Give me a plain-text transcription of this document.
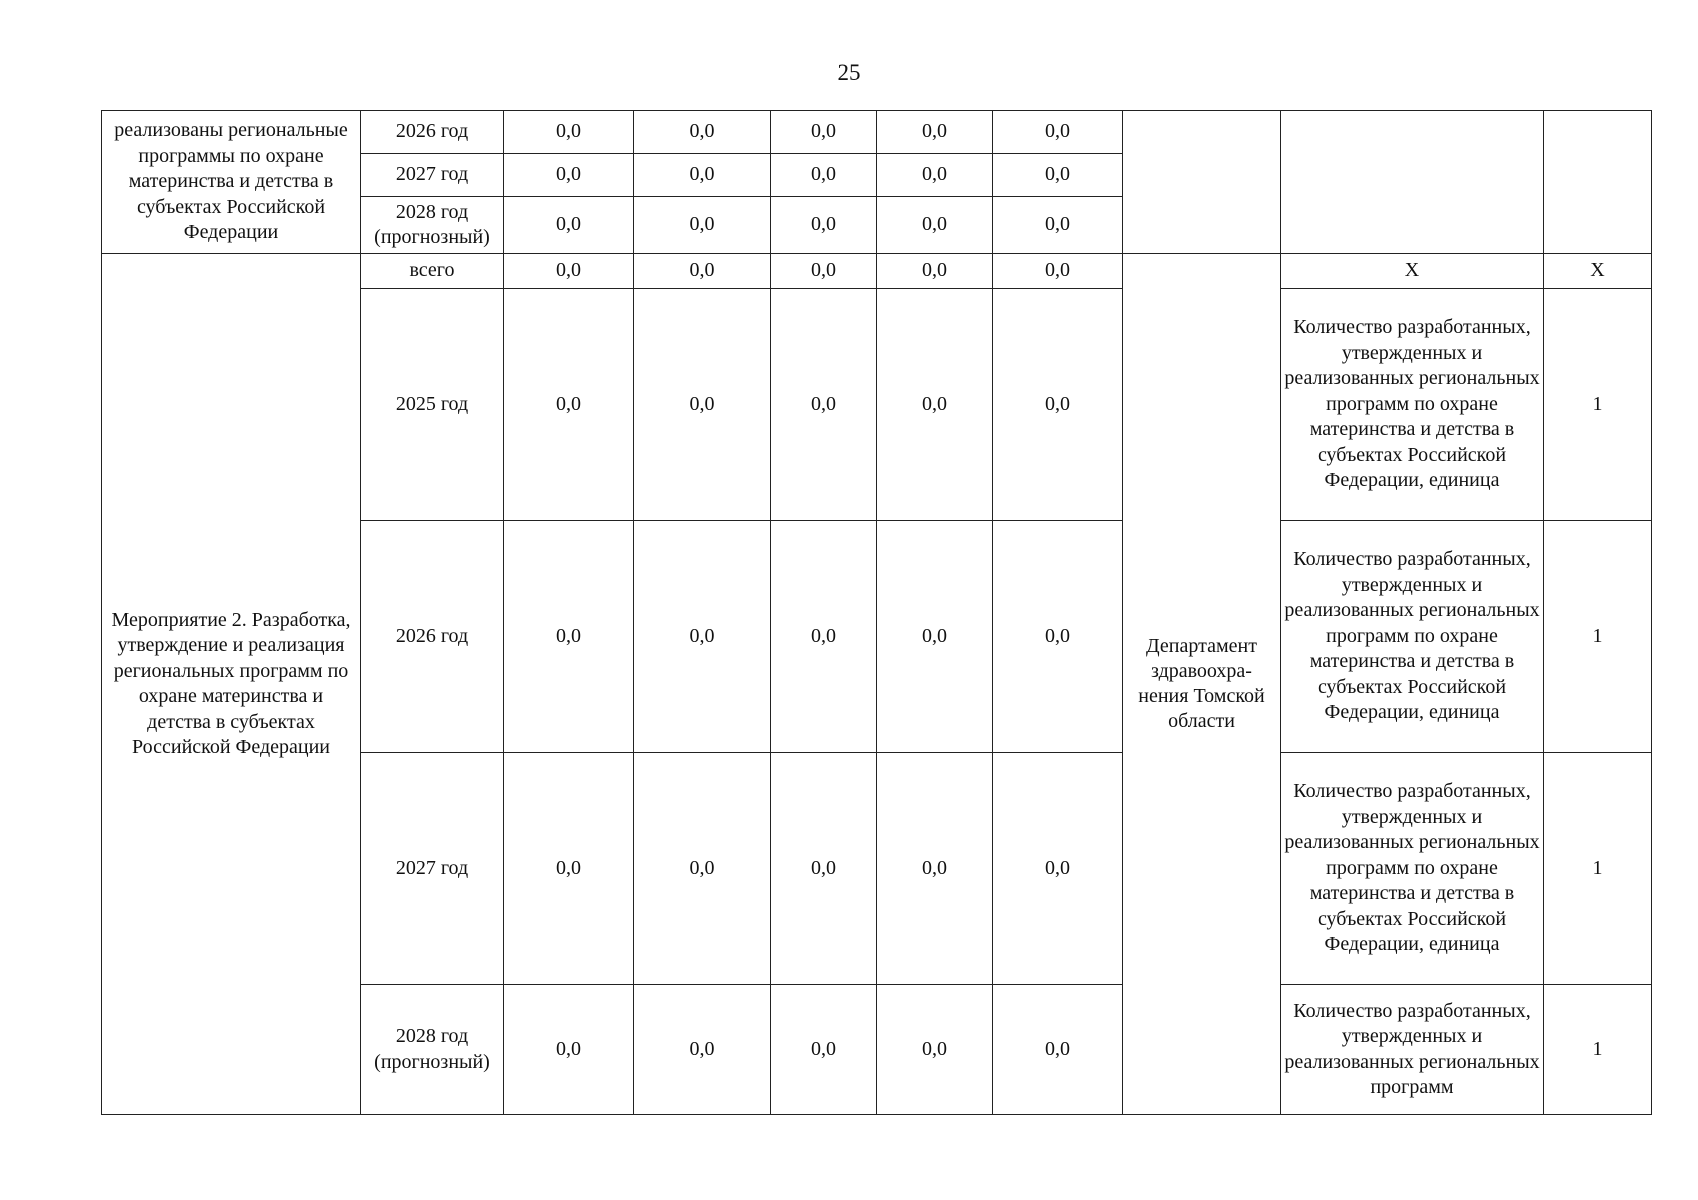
25
реализованы региональные программы по охране материнства и детства в субъектах Российской Федерации	2026 год	0,0	0,0	0,0	0,0	0,0			
	2027 год	0,0	0,0	0,0	0,0	0,0			
	2028 год (прогнозный)	0,0	0,0	0,0	0,0	0,0			
Мероприятие 2. Разработка, утверждение и реализация региональных программ по охране материнства и детства в субъектах Российской Федерации	всего	0,0	0,0	0,0	0,0	0,0	Департамент здравоохра-нения Томской области	Х	Х
	2025 год	0,0	0,0	0,0	0,0	0,0		Количество разработанных, утвержденных и реализованных региональных программ по охране материнства и детства в субъектах Российской Федерации, единица	1
	2026 год	0,0	0,0	0,0	0,0	0,0		Количество разработанных, утвержденных и реализованных региональных программ по охране материнства и детства в субъектах Российской Федерации, единица	1
	2027 год	0,0	0,0	0,0	0,0	0,0		Количество разработанных, утвержденных и реализованных региональных программ по охране материнства и детства в субъектах Российской Федерации, единица	1
	2028 год (прогнозный)	0,0	0,0	0,0	0,0	0,0		Количество разработанных, утвержденных и реализованных региональных программ	1
